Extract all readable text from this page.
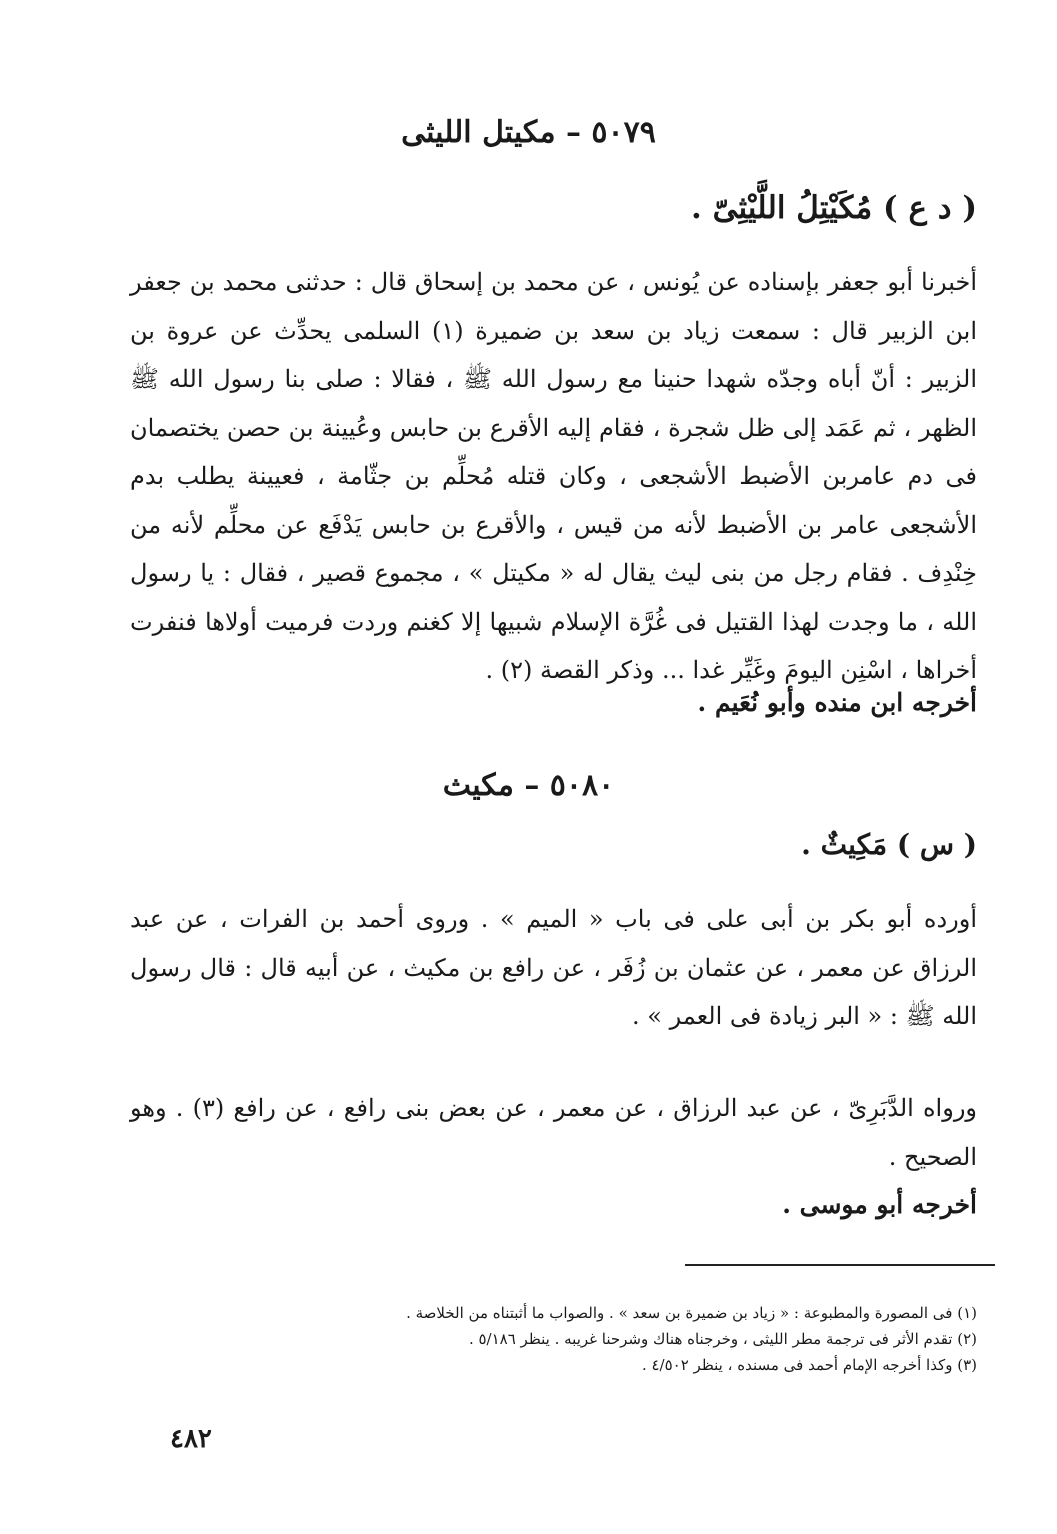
٥٠٧٩ – مكيتل الليثى
( د ع ) مُكَيْتِلُ اللَّيْثِىّ .
أخبرنا أبو جعفر بإسناده عن يُونس ، عن محمد بن إسحاق قال : حدثنى محمد بن جعفر ابن الزبير قال : سمعت زياد بن سعد بن ضميرة (١) السلمى يحدِّث عن عروة بن الزبير : أنّ أباه وجدّه شهدا حنينا مع رسول الله ﷺ ، فقالا : صلى بنا رسول الله ﷺ الظهر ، ثم عَمَد إلى ظل شجرة ، فقام إليه الأقرع بن حابس وعُيينة بن حصن يختصمان فى دم عامربن الأضبط الأشجعى ، وكان قتله مُحلِّم بن جثّامة ، فعيينة يطلب بدم الأشجعى عامر بن الأضبط لأنه من قيس ، والأقرع بن حابس يَدْفَع عن محلِّم لأنه من خِنْدِف . فقام رجل من بنى ليث يقال له « مكيتل » ، مجموع قصير ، فقال : يا رسول الله ، ما وجدت لهذا القتيل فى غُرَّة الإسلام شبيها إلا كغنم وردت فرميت أولاها فنفرت أخراها ، اسْنِن اليومَ وغَيِّر غدا ... وذكر القصة (٢) .
أخرجه ابن منده وأبو نُعَيم .
٥٠٨٠ – مكيث
( س ) مَكِيثٌ .
أورده أبو بكر بن أبى على فى باب « الميم » . وروى أحمد بن الفرات ، عن عبد الرزاق عن معمر ، عن عثمان بن زُفَر ، عن رافع بن مكيث ، عن أبيه قال : قال رسول الله ﷺ : « البر زيادة فى العمر » .
ورواه الدَّبَرِىّ ، عن عبد الرزاق ، عن معمر ، عن بعض بنى رافع ، عن رافع (٣) . وهو الصحيح .
أخرجه أبو موسى .
(١) فى المصورة والمطبوعة : « زياد بن ضميرة بن سعد » . والصواب ما أثبتناه من الخلاصة .
(٢) تقدم الأثر فى ترجمة مطر الليثى ، وخرجناه هناك وشرحنا غريبه . ينظر ٥/١٨٦ .
(٣) وكذا أخرجه الإمام أحمد فى مسنده ، ينظر ٤/٥٠٢ .
٤٨٢
